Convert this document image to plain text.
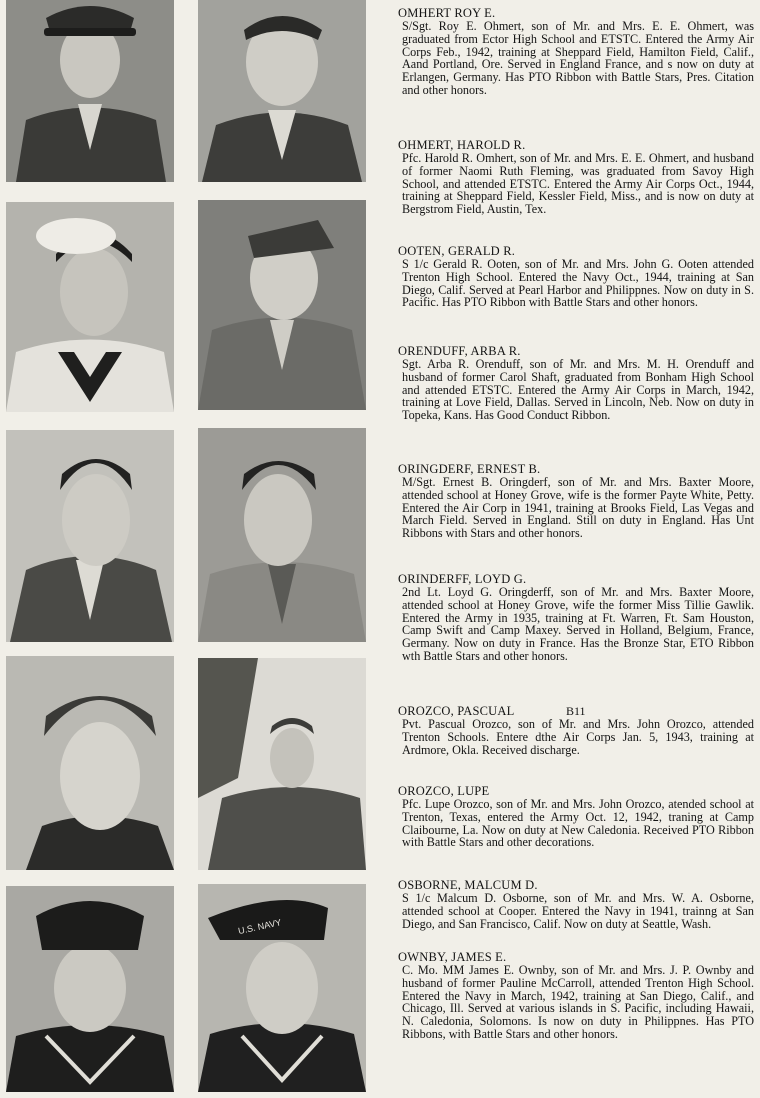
U.S. NAVY

OMHERT ROY E.

S/Sgt. Roy E. Ohmert, son of Mr. and Mrs. E. E. Ohmert, was graduated from Ector High School and ETSTC. Entered the Army Air Corps Feb., 1942, training at Sheppard Field, Hamilton Field, Calif., Aand Portland, Ore. Served in England France, and s now on duty at Erlangen, Germany. Has PTO Ribbon with Battle Stars, Pres. Citation and other honors.

OHMERT, HAROLD R.

Pfc. Harold R. Omhert, son of Mr. and Mrs. E. E. Ohmert, and husband of former Naomi Ruth Fleming, was graduated from Savoy High School, and attended ETSTC. Entered the Army Air Corps Oct., 1944, training at Sheppard Field, Kessler Field, Miss., and is now on duty at Bergstrom Field, Austin, Tex.

OOTEN, GERALD R.

S 1/c Gerald R. Ooten, son of Mr. and Mrs. John G. Ooten attended Trenton High School. Entered the Navy Oct., 1944, training at San Diego, Calif. Served at Pearl Harbor and Philippnes. Now on duty in S. Pacific. Has PTO Ribbon with Battle Stars and other honors.

ORENDUFF, ARBA R.

Sgt. Arba R. Orenduff, son of Mr. and Mrs. M. H. Orenduff and husband of former Carol Shaft, graduated from Bonham High School and attended ETSTC. Entered the Army Air Corps in March, 1942, training at Love Field, Dallas. Served in Lincoln, Neb. Now on duty in Topeka, Kans. Has Good Conduct Ribbon.

ORINGDERF, ERNEST B.

M/Sgt. Ernest B. Oringderf, son of Mr. and Mrs. Baxter Moore, attended school at Honey Grove, wife is the former Payte White, Petty. Entered the Air Corp in 1941, training at Brooks Field, Las Vegas and March Field. Served in England. Still on duty in England. Has Unt Ribbons with Stars and other honors.

ORINDERFF, LOYD G.

2nd Lt. Loyd G. Oringderff, son of Mr. and Mrs. Baxter Moore, attended school at Honey Grove, wife the former Miss Tillie Gawlik. Entered the Army in 1935, training at Ft. Warren, Ft. Sam Houston, Camp Swift and Camp Maxey. Served in Holland, Belgium, France, Germany. Now on duty in France. Has the Bronze Star, ETO Ribbon wth Battle Stars and other honors.

OROZCO, PASCUAL	B11

Pvt. Pascual Orozco, son of Mr. and Mrs. John Orozco, attended Trenton Schools. Entere dthe Air Corps Jan. 5, 1943, training at Ardmore, Okla. Received discharge.

OROZCO, LUPE

Pfc. Lupe Orozco, son of Mr. and Mrs. John Orozco, atended school at Trenton, Texas, entered the Army Oct. 12, 1942, traning at Camp Claibourne, La. Now on duty at New Caledonia. Received PTO Ribbon with Battle Stars and other decorations.

OSBORNE, MALCUM D.

S 1/c Malcum D. Osborne, son of Mr. and Mrs. W. A. Osborne, attended school at Cooper. Entered the Navy in 1941, trainng at San Diego, and San Francisco, Calif. Now on duty at Seattle, Wash.

OWNBY, JAMES E.

C. Mo. MM James E. Ownby, son of Mr. and Mrs. J. P. Ownby and husband of former Pauline McCarroll, attended Trenton High School. Entered the Navy in March, 1942, training at San Diego, Calif., and Chicago, Ill. Served at various islands in S. Pacific, including Hawaii, N. Caledonia, Solomons. Is now on duty in Philippnes. Has PTO Ribbons, with Battle Stars and other honors.
